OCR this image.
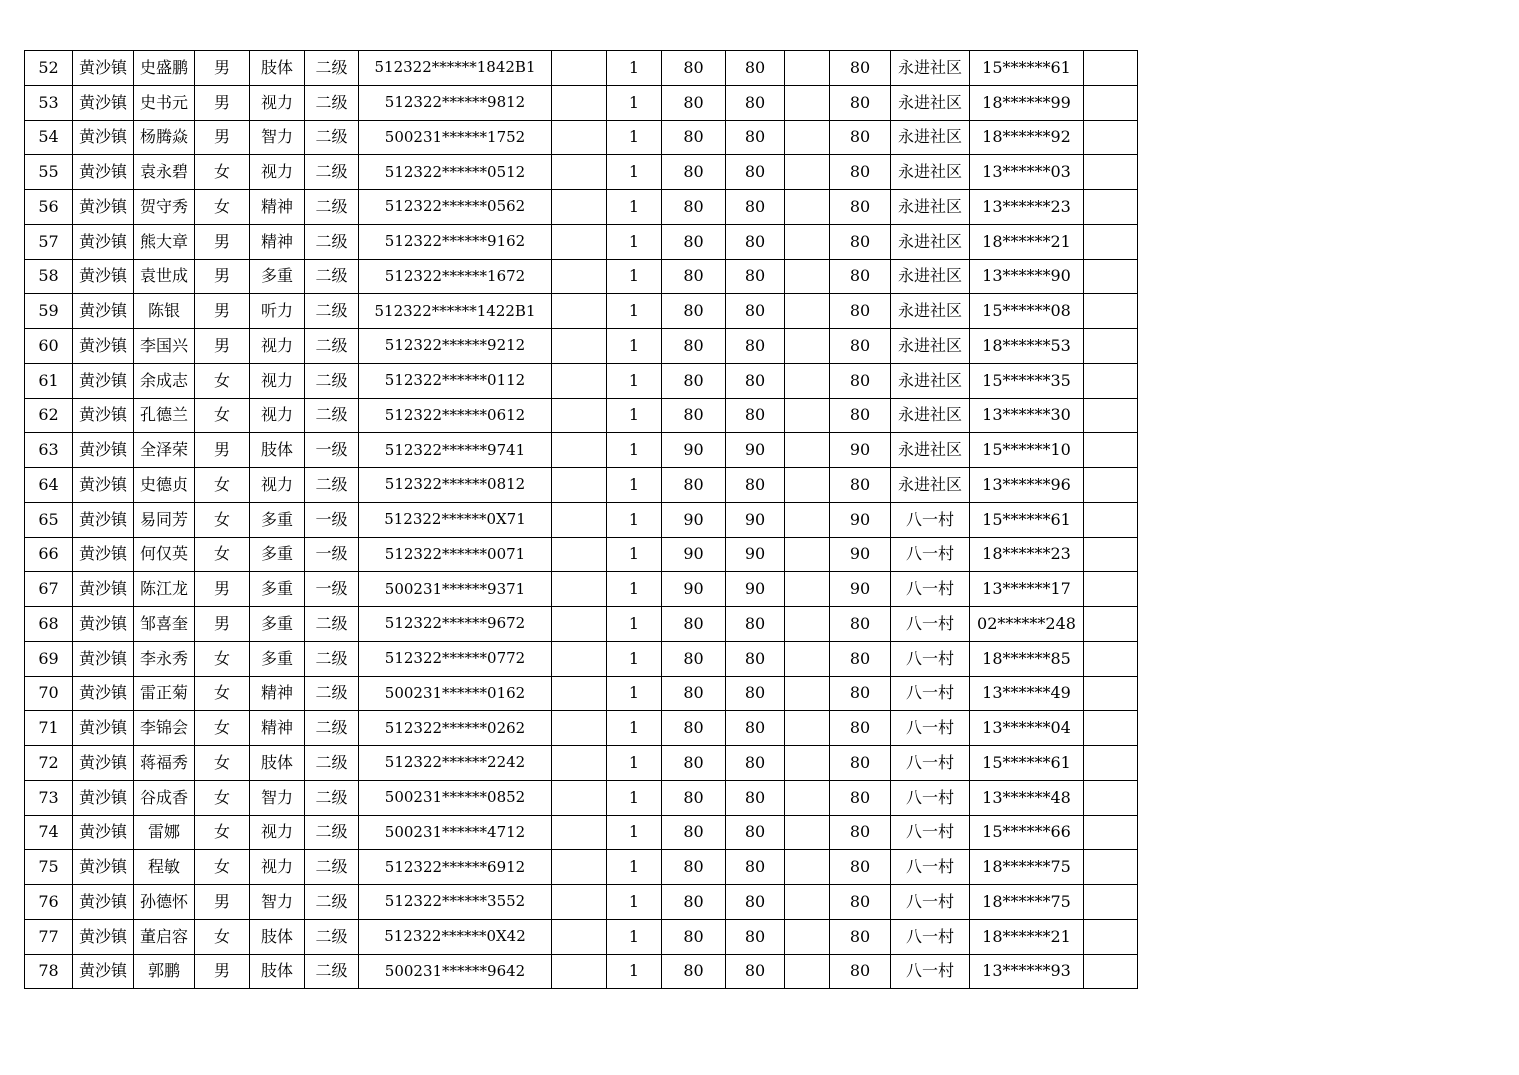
52	黄沙镇	史盛鹏	男	肢体	二级	512322******1842B1		1	80	80		80	永进社区	15******61	
53	黄沙镇	史书元	男	视力	二级	512322******9812		1	80	80		80	永进社区	18******99	
54	黄沙镇	杨腾焱	男	智力	二级	500231******1752		1	80	80		80	永进社区	18******92	
55	黄沙镇	袁永碧	女	视力	二级	512322******0512		1	80	80		80	永进社区	13******03	
56	黄沙镇	贺守秀	女	精神	二级	512322******0562		1	80	80		80	永进社区	13******23	
57	黄沙镇	熊大章	男	精神	二级	512322******9162		1	80	80		80	永进社区	18******21	
58	黄沙镇	袁世成	男	多重	二级	512322******1672		1	80	80		80	永进社区	13******90	
59	黄沙镇	陈银	男	听力	二级	512322******1422B1		1	80	80		80	永进社区	15******08	
60	黄沙镇	李国兴	男	视力	二级	512322******9212		1	80	80		80	永进社区	18******53	
61	黄沙镇	余成志	女	视力	二级	512322******0112		1	80	80		80	永进社区	15******35	
62	黄沙镇	孔德兰	女	视力	二级	512322******0612		1	80	80		80	永进社区	13******30	
63	黄沙镇	全泽荣	男	肢体	一级	512322******9741		1	90	90		90	永进社区	15******10	
64	黄沙镇	史德贞	女	视力	二级	512322******0812		1	80	80		80	永进社区	13******96	
65	黄沙镇	易同芳	女	多重	一级	512322******0X71		1	90	90		90	八一村	15******61	
66	黄沙镇	何仅英	女	多重	一级	512322******0071		1	90	90		90	八一村	18******23	
67	黄沙镇	陈江龙	男	多重	一级	500231******9371		1	90	90		90	八一村	13******17	
68	黄沙镇	邹喜奎	男	多重	二级	512322******9672		1	80	80		80	八一村	02******248	
69	黄沙镇	李永秀	女	多重	二级	512322******0772		1	80	80		80	八一村	18******85	
70	黄沙镇	雷正菊	女	精神	二级	500231******0162		1	80	80		80	八一村	13******49	
71	黄沙镇	李锦会	女	精神	二级	512322******0262		1	80	80		80	八一村	13******04	
72	黄沙镇	蒋福秀	女	肢体	二级	512322******2242		1	80	80		80	八一村	15******61	
73	黄沙镇	谷成香	女	智力	二级	500231******0852		1	80	80		80	八一村	13******48	
74	黄沙镇	雷娜	女	视力	二级	500231******4712		1	80	80		80	八一村	15******66	
75	黄沙镇	程敏	女	视力	二级	512322******6912		1	80	80		80	八一村	18******75	
76	黄沙镇	孙德怀	男	智力	二级	512322******3552		1	80	80		80	八一村	18******75	
77	黄沙镇	董启容	女	肢体	二级	512322******0X42		1	80	80		80	八一村	18******21	
78	黄沙镇	郭鹏	男	肢体	二级	500231******9642		1	80	80		80	八一村	13******93	
